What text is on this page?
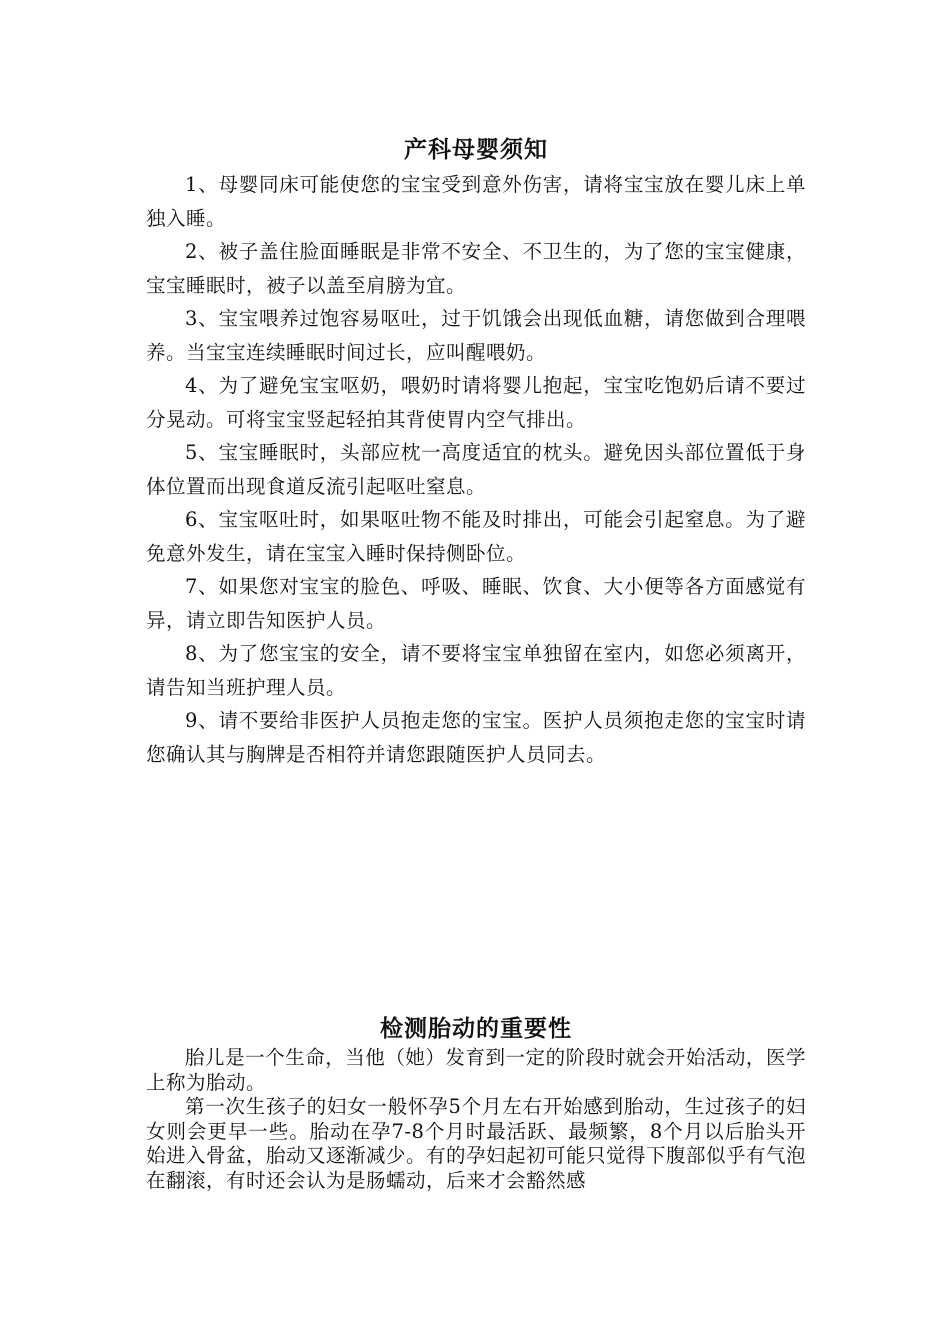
产科母婴须知

1、母婴同床可能使您的宝宝受到意外伤害，请将宝宝放在婴儿床上单独入睡。

2、被子盖住脸面睡眠是非常不安全、不卫生的，为了您的宝宝健康，宝宝睡眠时，被子以盖至肩膀为宜。

3、宝宝喂养过饱容易呕吐，过于饥饿会出现低血糖，请您做到合理喂养。当宝宝连续睡眠时间过长，应叫醒喂奶。

4、为了避免宝宝呕奶，喂奶时请将婴儿抱起，宝宝吃饱奶后请不要过分晃动。可将宝宝竖起轻拍其背使胃内空气排出。

5、宝宝睡眠时，头部应枕一高度适宜的枕头。避免因头部位置低于身体位置而出现食道反流引起呕吐窒息。

6、宝宝呕吐时，如果呕吐物不能及时排出，可能会引起窒息。为了避免意外发生，请在宝宝入睡时保持侧卧位。

7、如果您对宝宝的脸色、呼吸、睡眠、饮食、大小便等各方面感觉有异，请立即告知医护人员。

8、为了您宝宝的安全，请不要将宝宝单独留在室内，如您必须离开，请告知当班护理人员。

9、请不要给非医护人员抱走您的宝宝。医护人员须抱走您的宝宝时请您确认其与胸牌是否相符并请您跟随医护人员同去。

检测胎动的重要性

胎儿是一个生命，当他（她）发育到一定的阶段时就会开始活动，医学上称为胎动。

第一次生孩子的妇女一般怀孕5个月左右开始感到胎动，生过孩子的妇女则会更早一些。胎动在孕7-8个月时最活跃、最频繁，8个月以后胎头开始进入骨盆，胎动又逐渐减少。有的孕妇起初可能只觉得下腹部似乎有气泡在翻滚，有时还会认为是肠蠕动，后来才会豁然感
